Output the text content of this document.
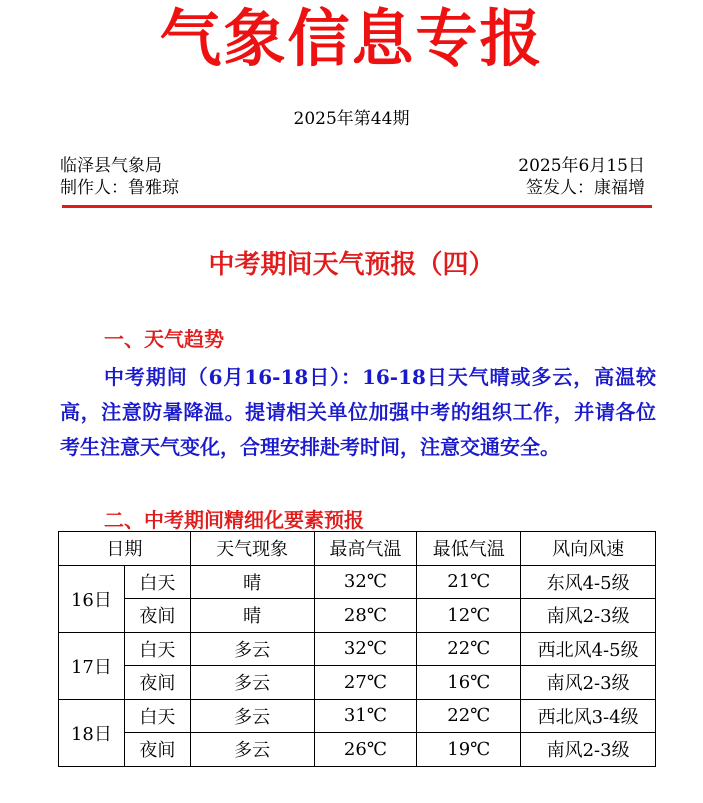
气象信息专报
2025年第44期
临泽县气象局
制作人：鲁雅琼
2025年6月15日
签发人：康福增
中考期间天气预报（四）
一、天气趋势
中考期间（6月16-18日）：16-18日天气晴或多云，高温较高，注意防暑降温。提请相关单位加强中考的组织工作，并请各位考生注意天气变化，合理安排赴考时间，注意交通安全。
二、中考期间精细化要素预报
日期		天气现象	最高气温	最低气温	风向风速
16日	白天	晴	32℃	21℃	东风4-5级
	夜间	晴	28℃	12℃	南风2-3级
17日	白天	多云	32℃	22℃	西北风4-5级
	夜间	多云	27℃	16℃	南风2-3级
18日	白天	多云	31℃	22℃	西北风3-4级
	夜间	多云	26℃	19℃	南风2-3级
